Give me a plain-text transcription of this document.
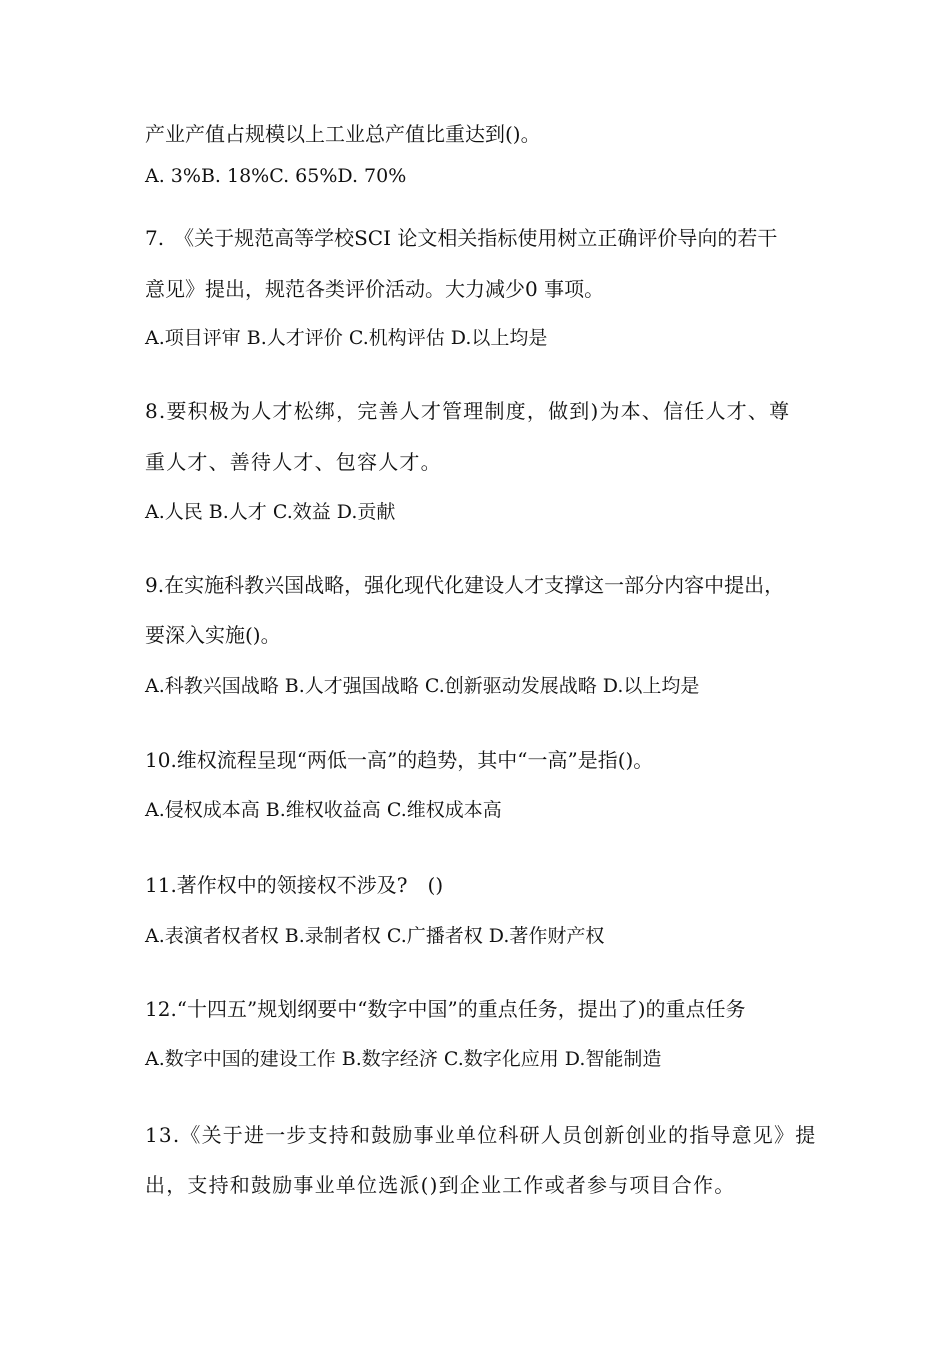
产业产值占规模以上工业总产值比重达到()。
A. 3%B. 18%C. 65%D. 70%
7.　《关于规范高等学校SCI 论文相关指标使用树立正确评价导向的若干
意见》提出，规范各类评价活动。大力减少0 事项。
A.项目评审 B.人才评价 C.机构评估 D.以上均是
8.要积极为人才松绑，完善人才管理制度，做到)为本、信任人才、尊
重人才、善待人才、包容人才。
A.人民 B.人才 C.效益 D.贡献
9.在实施科教兴国战略，强化现代化建设人才支撑这一部分内容中提出，
要深入实施()。
A.科教兴国战略 B.人才强国战略 C.创新驱动发展战略 D.以上均是
10.维权流程呈现“两低一高”的趋势，其中“一高”是指()。
A.侵权成本高 B.维权收益高 C.维权成本高
11.著作权中的领接权不涉及?　()
A.表演者权者权 B.录制者权 C.广播者权 D.著作财产权
12.“十四五”规划纲要中“数字中国”的重点任务，提出了)的重点任务
A.数字中国的建设工作 B.数字经济 C.数字化应用 D.智能制造
13.《关于进一步支持和鼓励事业单位科研人员创新创业的指导意见》提
出，支持和鼓励事业单位选派()到企业工作或者参与项目合作。
